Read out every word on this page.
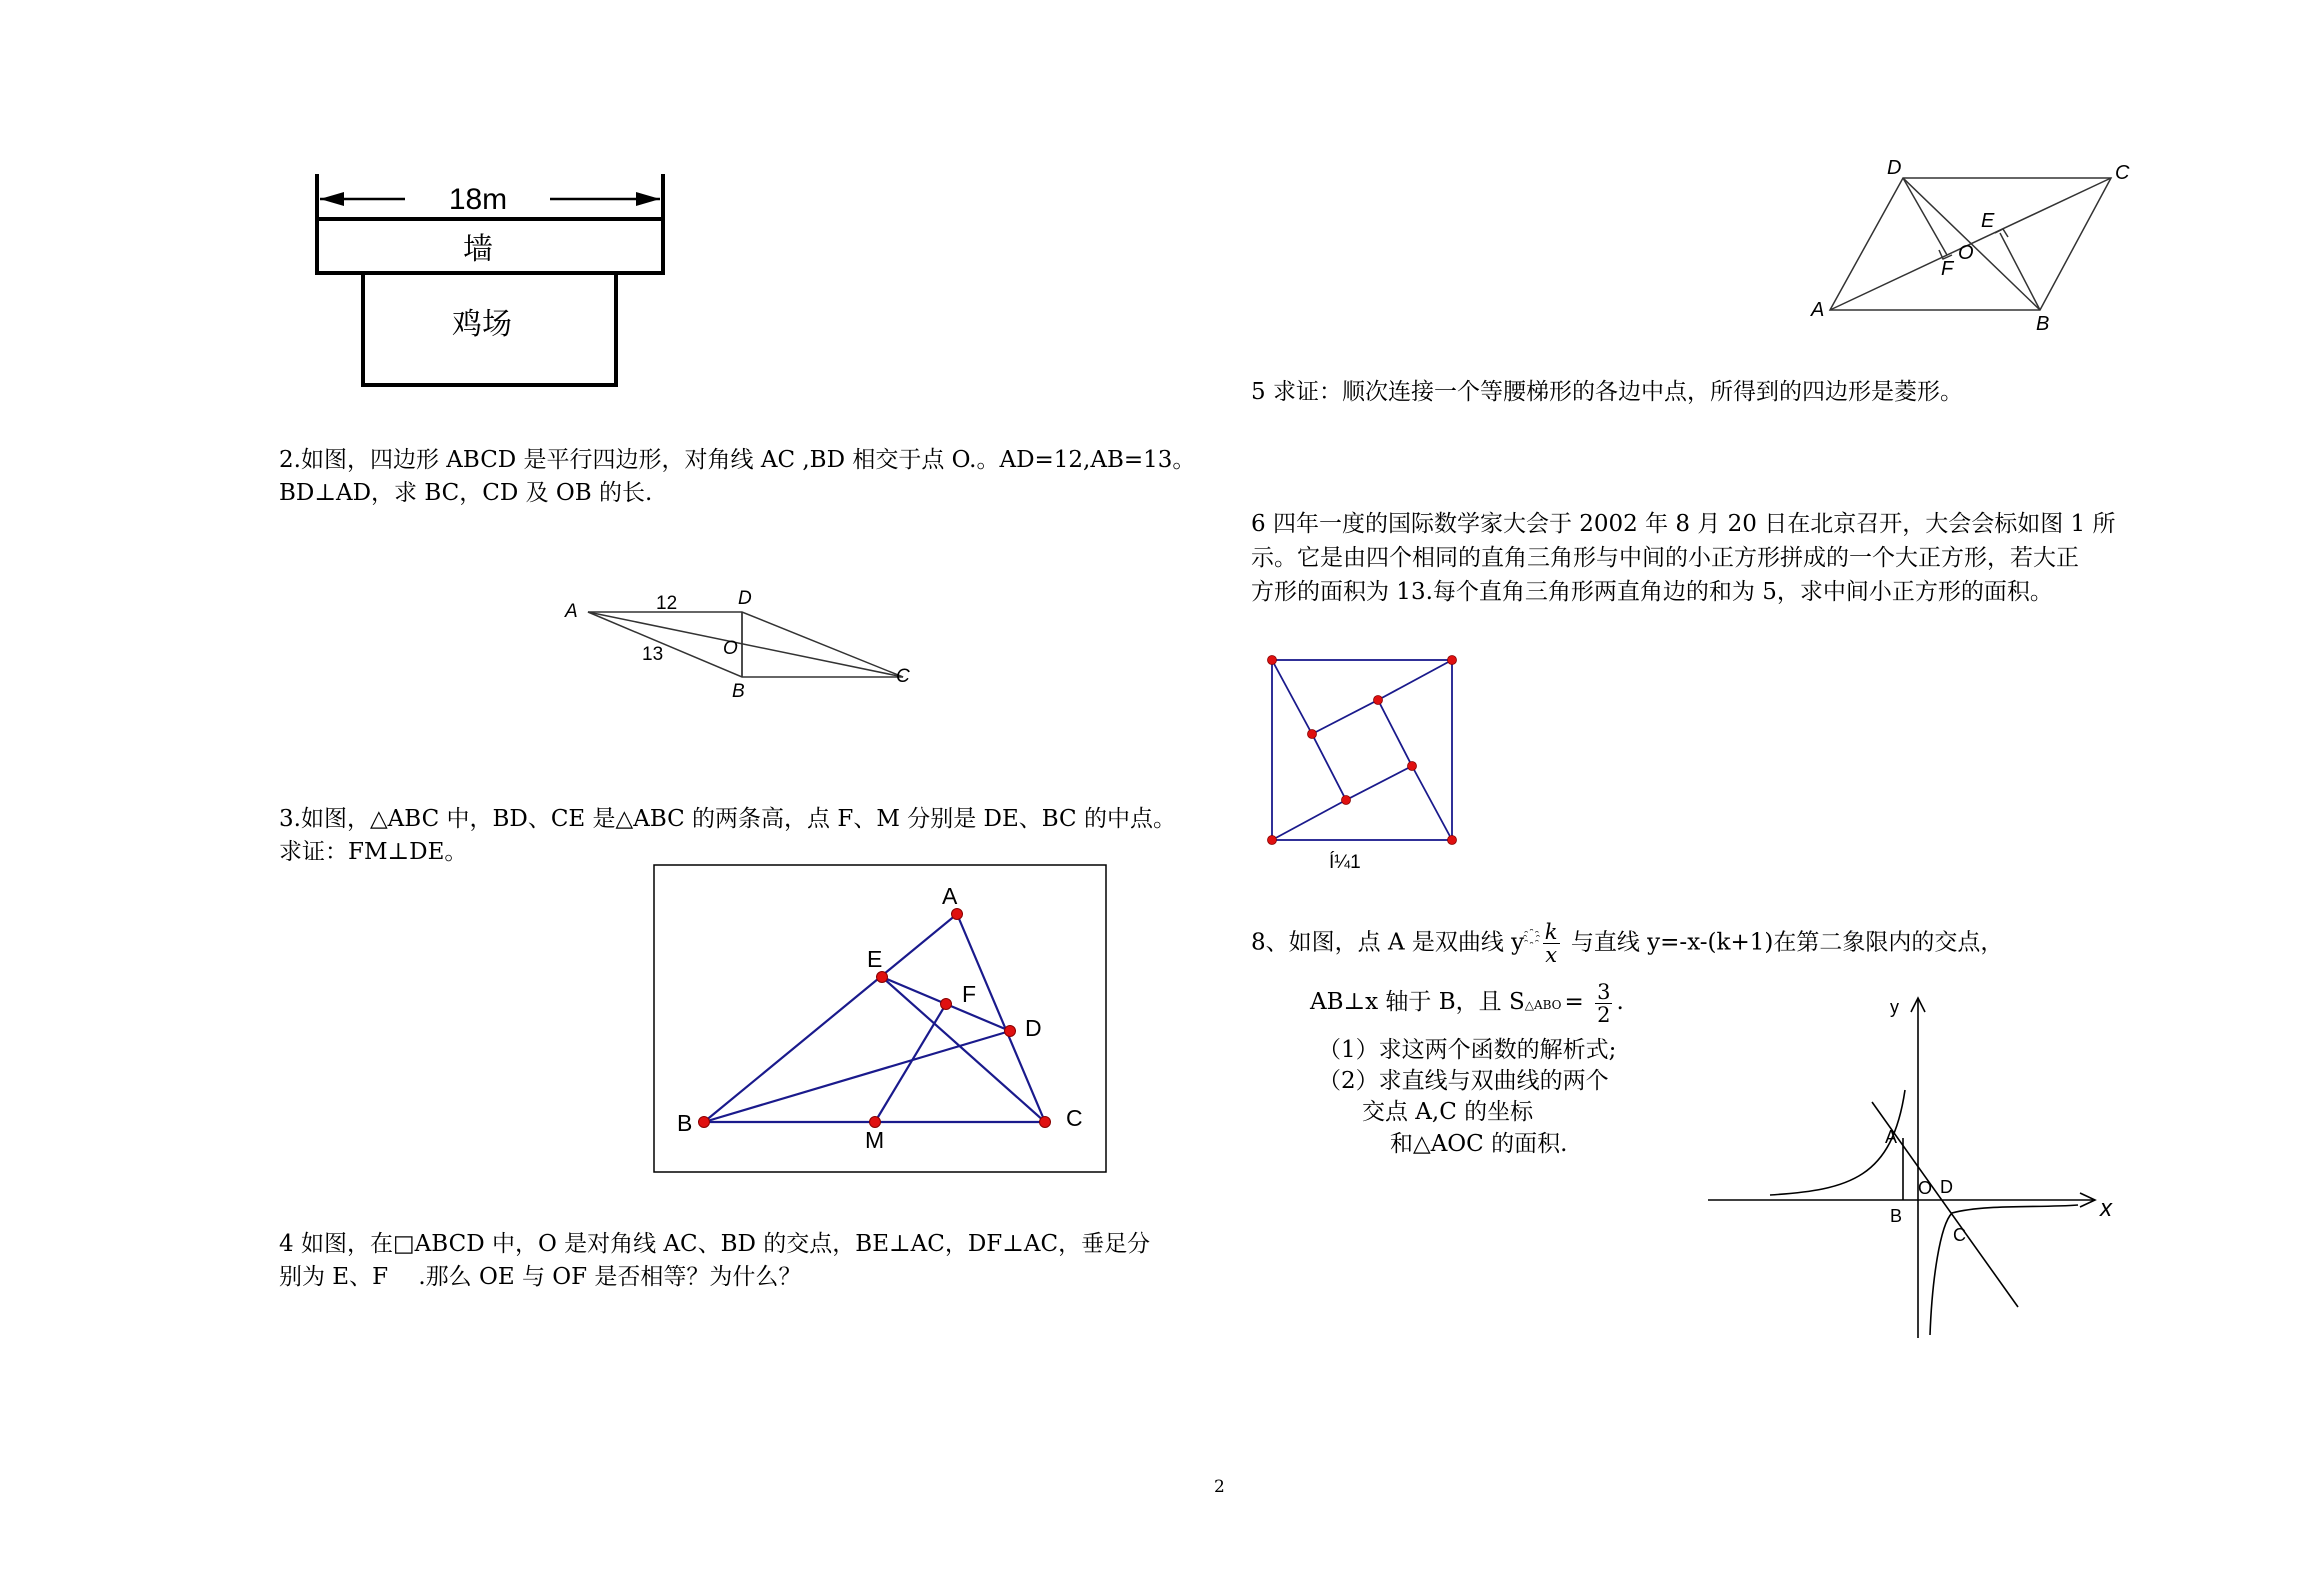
18m
墙
鸡场
2.如图，四边形 ABCD 是平行四边形，对角线 AC ,BD 相交于点 O.。AD=12,AB=13。
BD⊥AD，求 BC，CD 及 OB 的长.
A
D
O
B
C
12
13
3.如图，△ABC 中，BD、CE 是△ABC 的两条高，点 F、M 分别是 DE、BC 的中点。
求证：FM⊥DE。
A
E
F
D
B
M
C
4 如图，在□ABCD 中，O 是对角线 AC、BD 的交点，BE⊥AC，DF⊥AC，垂足分
别为 E、F　 .那么 OE 与 OF 是否相等？为什么？
D	C
E
O
F
A
B
5 求证：顺次连接一个等腰梯形的各边中点，所得到的四边形是菱形。
6 四年一度的国际数学家大会于 2002 年 8 月 20 日在北京召开，大会会标如图 1 所
示。它是由四个相同的直角三角形与中间的小正方形拼成的一个大正方形，若大正
方形的面积为 13.每个直角三角形两直角边的和为 5，求中间小正方形的面积。
Í¼1
8、如图，点 A 是双曲线 y $\frac{k}{x}$ 与直线 y=-x-(k+1)在第二象限内的交点，
AB⊥x 轴于 B，且 S△ABO = $\frac{3}{2}$ .
（1）求这两个函数的解析式;
（2）求直线与双曲线的两个
交点 A,C 的坐标
和△AOC 的面积.
y
x
A
O D
B
C
2
